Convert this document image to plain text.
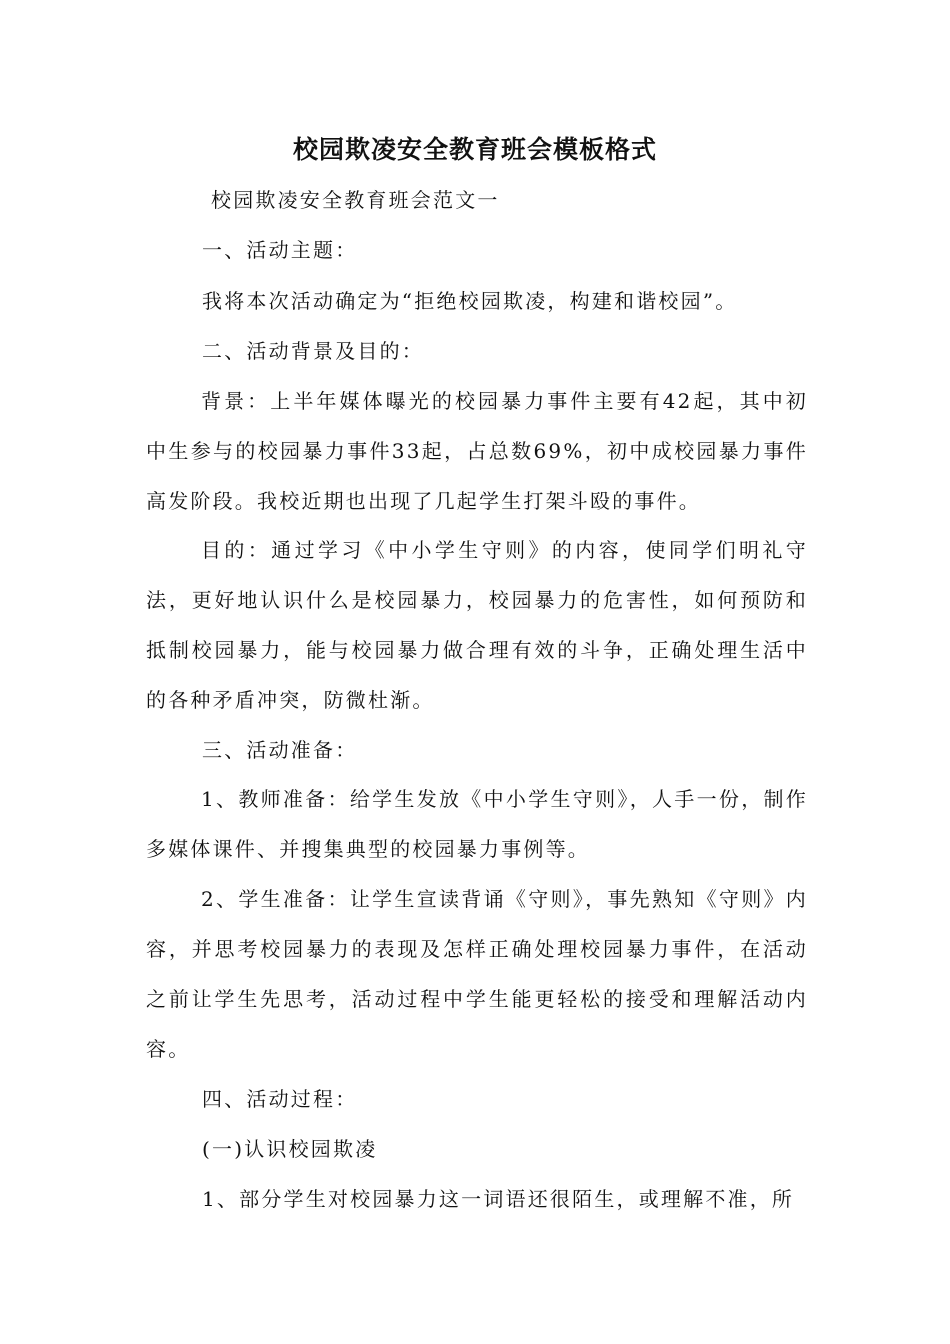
校园欺凌安全教育班会模板格式
校园欺凌安全教育班会范文一
一、活动主题：
我将本次活动确定为“拒绝校园欺凌，构建和谐校园”。
二、活动背景及目的：

背景：上半年媒体曝光的校园暴力事件主要有42起，其中初中生参与的校园暴力事件33起，占总数69%，初中成校园暴力事件高发阶段。我校近期也出现了几起学生打架斗殴的事件。

目的：通过学习《中小学生守则》的内容，使同学们明礼守法，更好地认识什么是校园暴力，校园暴力的危害性，如何预防和抵制校园暴力，能与校园暴力做合理有效的斗争，正确处理生活中的各种矛盾冲突，防微杜渐。

三、活动准备：

1、教师准备：给学生发放《中小学生守则》，人手一份，制作多媒体课件、并搜集典型的校园暴力事例等。

2、学生准备：让学生宣读背诵《守则》，事先熟知《守则》内容，并思考校园暴力的表现及怎样正确处理校园暴力事件，在活动之前让学生先思考，活动过程中学生能更轻松的接受和理解活动内容。

四、活动过程：
(一)认识校园欺凌
1、部分学生对校园暴力这一词语还很陌生，或理解不准，所
